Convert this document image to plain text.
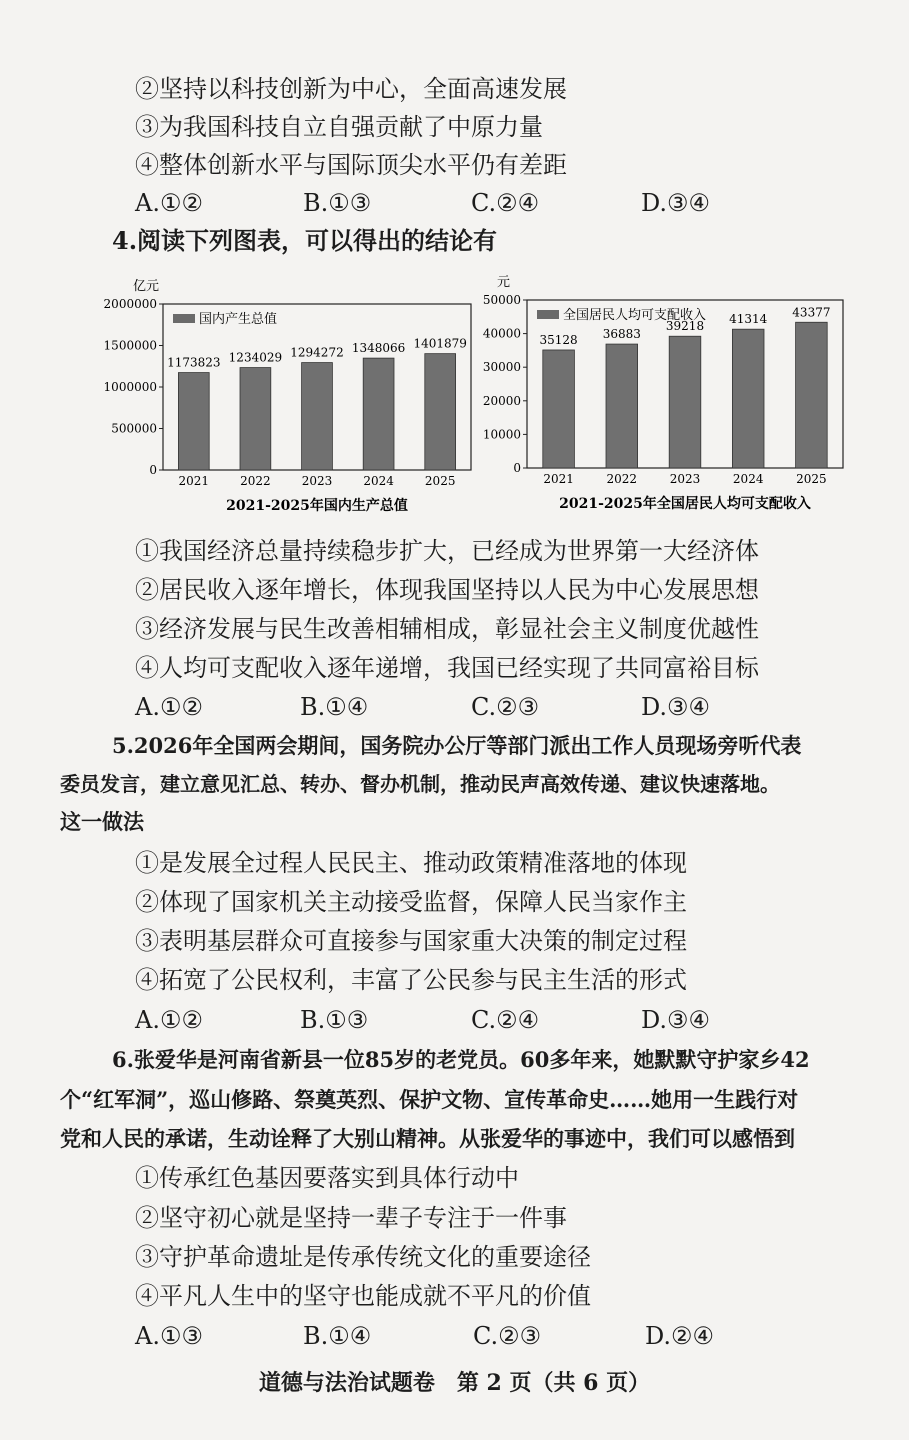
②坚持以科技创新为中心，全面高速发展
③为我国科技自立自强贡献了中原力量
④整体创新水平与国际顶尖水平仍有差距
A.①②	B.①③	C.②④	D.③④
4.阅读下列图表，可以得出的结论有
亿元
0
500000
1000000
1500000
2000000
国内产生总值
1173823
2021
1234029
2022
1294272
2023
1348066
2024
1401879
2025
2021-2025年国内生产总值
元
0
10000
20000
30000
40000
50000
全国居民人均可支配收入
35128
2021
36883
2022
39218
2023
41314
2024
43377
2025
2021-2025年全国居民人均可支配收入
①我国经济总量持续稳步扩大，已经成为世界第一大经济体
②居民收入逐年增长，体现我国坚持以人民为中心发展思想
③经济发展与民生改善相辅相成，彰显社会主义制度优越性
④人均可支配收入逐年递增，我国已经实现了共同富裕目标
A.①②	B.①④	C.②③	D.③④
5.2026年全国两会期间，国务院办公厅等部门派出工作人员现场旁听代表
委员发言，建立意见汇总、转办、督办机制，推动民声高效传递、建议快速落地。
这一做法
①是发展全过程人民民主、推动政策精准落地的体现
②体现了国家机关主动接受监督，保障人民当家作主
③表明基层群众可直接参与国家重大决策的制定过程
④拓宽了公民权利，丰富了公民参与民主生活的形式
A.①②	B.①③	C.②④	D.③④
6.张爱华是河南省新县一位85岁的老党员。60多年来，她默默守护家乡42
个“红军洞”，巡山修路、祭奠英烈、保护文物、宣传革命史……她用一生践行对
党和人民的承诺，生动诠释了大别山精神。从张爱华的事迹中，我们可以感悟到
①传承红色基因要落实到具体行动中
②坚守初心就是坚持一辈子专注于一件事
③守护革命遗址是传承传统文化的重要途径
④平凡人生中的坚守也能成就不平凡的价值
A.①③	B.①④	C.②③	D.②④
道德与法治试题卷　第 2 页（共 6 页）
